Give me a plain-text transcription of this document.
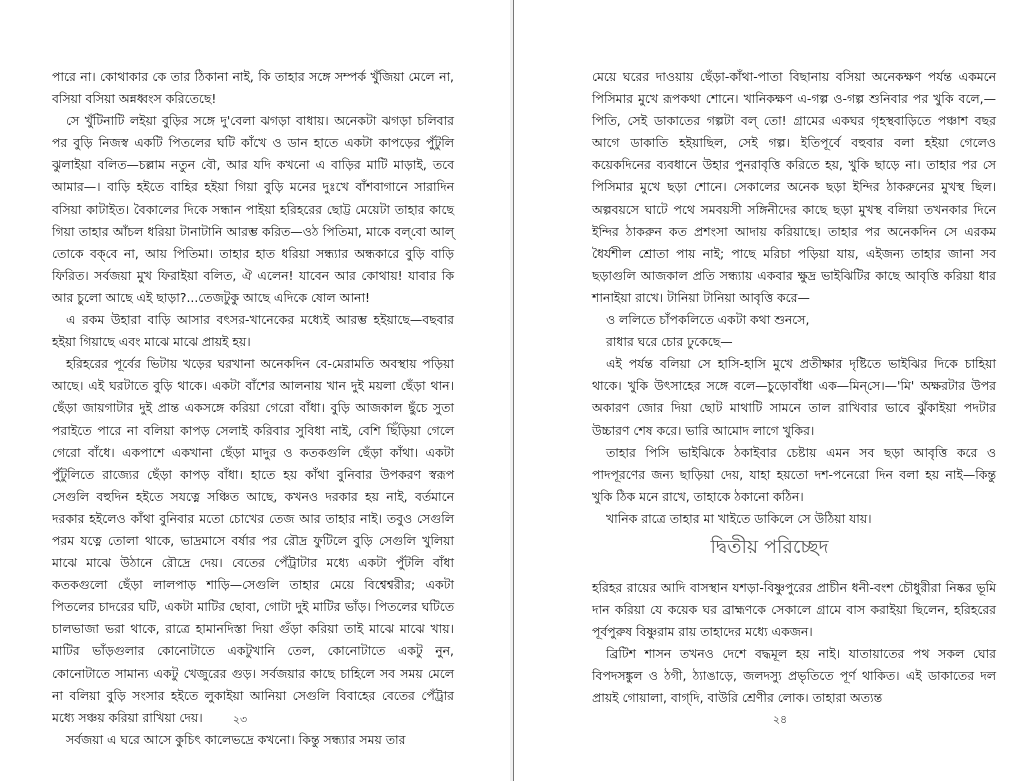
পারে না। কোথাকার কে তার ঠিকানা নাই, কি তাহার সঙ্গে সম্পর্ক খুঁজিয়া মেলে না, বসিয়া বসিয়া অন্নধ্বংস করিতেছে!

সে খুঁটিনাটি লইয়া বুড়ির সঙ্গে দু'বেলা ঝগড়া বাধায়। অনেকটা ঝগড়া চলিবার পর বুড়ি নিজস্ব একটি পিতলের ঘটি কাঁখে ও ডান হাতে একটা কাপড়ের পুঁটুলি ঝুলাইয়া বলিত—চল্লাম নতুন বৌ, আর যদি কখনো এ বাড়ির মাটি মাড়াই, তবে আমার—। বাড়ি হইতে বাহির হইয়া গিয়া বুড়ি মনের দুঃখে বাঁশবাগানে সারাদিন বসিয়া কাটাইত। বৈকালের দিকে সন্ধান পাইয়া হরিহরের ছোট্ট মেয়েটা তাহার কাছে গিয়া তাহার আঁচল ধরিয়া টানাটানি আরম্ভ করিত—ওঠ পিতিমা, মাকে বল্‌বো আল্ তোকে বক্‌বে না, আয় পিতিমা। তাহার হাত ধরিয়া সন্ধ্যার অন্ধকারে বুড়ি বাড়ি ফিরিত। সর্বজয়া মুখ ফিরাইয়া বলিত, ঐ এলেন! যাবেন আর কোথায়! যাবার কি আর চুলো আছে এই ছাড়া?...তেজটুকু আছে এদিকে ষোল আনা!

এ রকম উহারা বাড়ি আসার বৎসর-খানেকের মধ্যেই আরম্ভ হইয়াছে—বছবার হইয়া গিয়াছে এবং মাঝে মাঝে প্রায়ই হয়।

হরিহরের পূর্বের ভিটায় খড়ের ঘরখানা অনেকদিন বে-মেরামতি অবস্থায় পড়িয়া আছে। এই ঘরটাতে বুড়ি থাকে। একটা বাঁশের আলনায় খান দুই ময়লা ছেঁড়া থান। ছেঁড়া জায়গাটার দুই প্রান্ত একসঙ্গে করিয়া গেরো বাঁধা। বুড়ি আজকাল ছুঁচে সুতা পরাইতে পারে না বলিয়া কাপড় সেলাই করিবার সুবিধা নাই, বেশি ছিঁড়িয়া গেলে গেরো বাঁধে। একপাশে একখানা ছেঁড়া মাদুর ও কতকগুলি ছেঁড়া কাঁথা। একটা পুঁটুলিতে রাজ্যের ছেঁড়া কাপড় বাঁধা। হাতে হয় কাঁথা বুনিবার উপকরণ স্বরূপ সেগুলি বহুদিন হইতে সযত্নে সঞ্চিত আছে, কখনও দরকার হয় নাই, বর্তমানে দরকার হইলেও কাঁথা বুনিবার মতো চোখের তেজ আর তাহার নাই। তবুও সেগুলি পরম যত্নে তোলা থাকে, ভাদ্রমাসে বর্ষার পর রৌদ্র ফুটিলে বুড়ি সেগুলি খুলিয়া মাঝে মাঝে উঠানে রৌদ্রে দেয়। বেতের পেঁট্রাটার মধ্যে একটা পুঁটলি বাঁধা কতকগুলো ছেঁড়া লালপাড় শাড়ি—সেগুলি তাহার মেয়ে বিশ্বেশ্বরীর; একটা পিতলের চাদরের ঘটি, একটা মাটির ছোবা, গোটা দুই মাটির ভাঁড়। পিতলের ঘটিতে চালভাজা ভরা থাকে, রাত্রে হামানদিস্তা দিয়া গুঁড়া করিয়া তাই মাঝে মাঝে খায়। মাটির ভাঁড়গুলার কোনোটাতে একটুখানি তেল, কোনোটাতে একটু নুন, কোনোটাতে সামান্য একটু খেজুরের গুড়। সর্বজয়ার কাছে চাহিলে সব সময় মেলে না বলিয়া বুড়ি সংসার হইতে লুকাইয়া আনিয়া সেগুলি বিবাহের বেতের পেঁট্রার মধ্যে সঞ্চয় করিয়া রাখিয়া দেয়।

সর্বজয়া এ ঘরে আসে কুচিৎ কালেভদ্রে কখনো। কিন্তু সন্ধ্যার সময় তার

২৩

মেয়ে ঘরের দাওয়ায় ছেঁড়া-কাঁথা-পাতা বিছানায় বসিয়া অনেকক্ষণ পর্যন্ত একমনে পিসিমার মুখে রূপকথা শোনে। খানিকক্ষণ এ-গল্প ও-গল্প শুনিবার পর খুকি বলে,—পিতি, সেই ডাকাতের গল্পটা বল্ তো! গ্রামের একঘর গৃহস্থবাড়িতে পঞ্চাশ বছর আগে ডাকাতি হইয়াছিল, সেই গল্প। ইতিপূর্বে বহুবার বলা হইয়া গেলেও কয়েকদিনের ব্যবধানে উহার পুনরাবৃত্তি করিতে হয়, খুকি ছাড়ে না। তাহার পর সে পিসিমার মুখে ছড়া শোনে। সেকালের অনেক ছড়া ইন্দির ঠাকরুনের মুখস্থ ছিল। অল্পবয়সে ঘাটে পথে সমবয়সী সঙ্গিনীদের কাছে ছড়া মুখস্থ বলিয়া তখনকার দিনে ইন্দির ঠাকরুন কত প্রশংসা আদায় করিয়াছে। তাহার পর অনেকদিন সে এরকম ধৈর্যশীল শ্রোতা পায় নাই; পাছে মরিচা পড়িয়া যায়, এইজন্য তাহার জানা সব ছড়াগুলি আজকাল প্রতি সন্ধ্যায় একবার ক্ষুদ্র ভাইঝিটির কাছে আবৃত্তি করিয়া ধার শানাইয়া রাখে। টানিয়া টানিয়া আবৃত্তি করে—

ও ললিতে চাঁপকলিতে একটা কথা শুনসে,

রাধার ঘরে চোর ঢুকেছে—

এই পর্যন্ত বলিয়া সে হাসি-হাসি মুখে প্রতীক্ষার দৃষ্টিতে ভাইঝির দিকে চাহিয়া থাকে। খুকি উৎসাহের সঙ্গে বলে—চুড়োবাঁধা এক—মিন্‌সে।—'মি' অক্ষরটার উপর অকারণ জোর দিয়া ছোট মাথাটি সামনে তাল রাখিবার ভাবে ঝুঁকাইয়া পদটার উচ্চারণ শেষ করে। ভারি আমোদ লাগে খুকির।

তাহার পিসি ভাইঝিকে ঠকাইবার চেষ্টায় এমন সব ছড়া আবৃত্তি করে ও পাদপূরণের জন্য ছাড়িয়া দেয়, যাহা হয়তো দশ-পনেরো দিন বলা হয় নাই—কিন্তু খুকি ঠিক মনে রাখে, তাহাকে ঠকানো কঠিন।

খানিক রাত্রে তাহার মা খাইতে ডাকিলে সে উঠিয়া যায়।

দ্বিতীয় পরিচ্ছেদ

হরিহর রায়ের আদি বাসস্থান যশড়া-বিষ্ণুপুরের প্রাচীন ধনী-বংশ চৌধুরীরা নিষ্কর ভূমি দান করিয়া যে কয়েক ঘর ব্রাহ্মণকে সেকালে গ্রামে বাস করাইয়া ছিলেন, হরিহরের পূর্বপুরুষ বিষ্ণুরাম রায় তাহাদের মধ্যে একজন।

ব্রিটিশ শাসন তখনও দেশে বদ্ধমূল হয় নাই। যাতায়াতের পথ সকল ঘোর বিপদসঙ্কুল ও ঠগী, ঠ্যাঙাড়ে, জলদস্যু প্রভৃতিতে পূর্ণ থাকিত। এই ডাকাতের দল প্রায়ই গোয়ালা, বাগ্‌দি, বাউরি শ্রেণীর লোক। তাহারা অত্যন্ত

২৪
